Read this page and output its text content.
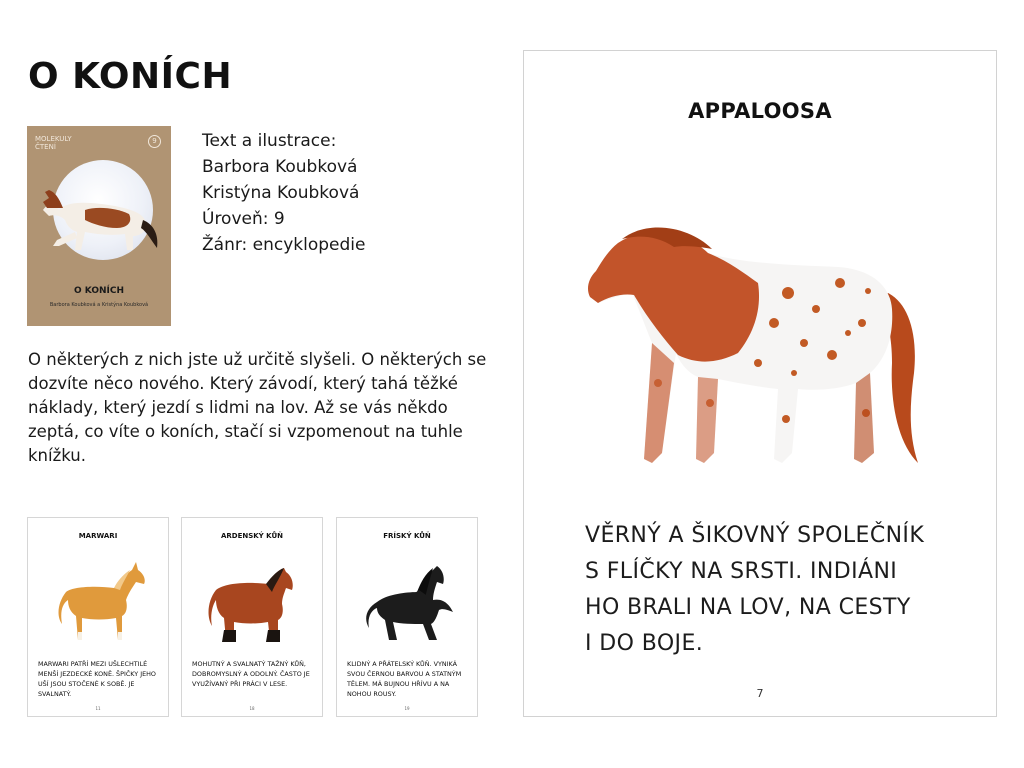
O KONÍCH
MOLEKULY
ČTENÍ
9
O KONÍCH
Barbora Koubková a Kristýna Koubková
Text a ilustrace:
Barbora Koubková
Kristýna Koubková
Úroveň: 9
Žánr: encyklopedie
O některých z nich jste už určitě slyšeli. O některých se dozvíte něco nového. Který závodí, který tahá těžké náklady, který jezdí s lidmi na lov. Až se vás někdo zeptá, co víte o koních, stačí si vzpomenout na tuhle knížku.
MARWARI
MARWARI PATŘÍ MEZI UŠLECHTILÉ MENŠÍ JEZDECKÉ KONĚ. ŠPIČKY JEHO UŠÍ JSOU STOČENÉ K SOBĚ. JE SVALNATÝ.
11
ARDENSKÝ KŮŇ
MOHUTNÝ A SVALNATÝ TAŽNÝ KŮŇ, DOBROMYSLNÝ A ODOLNÝ. ČASTO JE VYUŽÍVANÝ PŘI PRÁCI V LESE.
18
FRÍSKÝ KŮŇ
KLIDNÝ A PŘÁTELSKÝ KŮŇ. VYNIKÁ SVOU ČERNOU BARVOU A STATNÝM TĚLEM. MÁ BUJNOU HŘÍVU A NA NOHOU ROUSY.
19
APPALOOSA
VĚRNÝ A ŠIKOVNÝ SPOLEČNÍK
S FLÍČKY NA SRSTI. INDIÁNI
HO BRALI NA LOV, NA CESTY
I DO BOJE.
7
